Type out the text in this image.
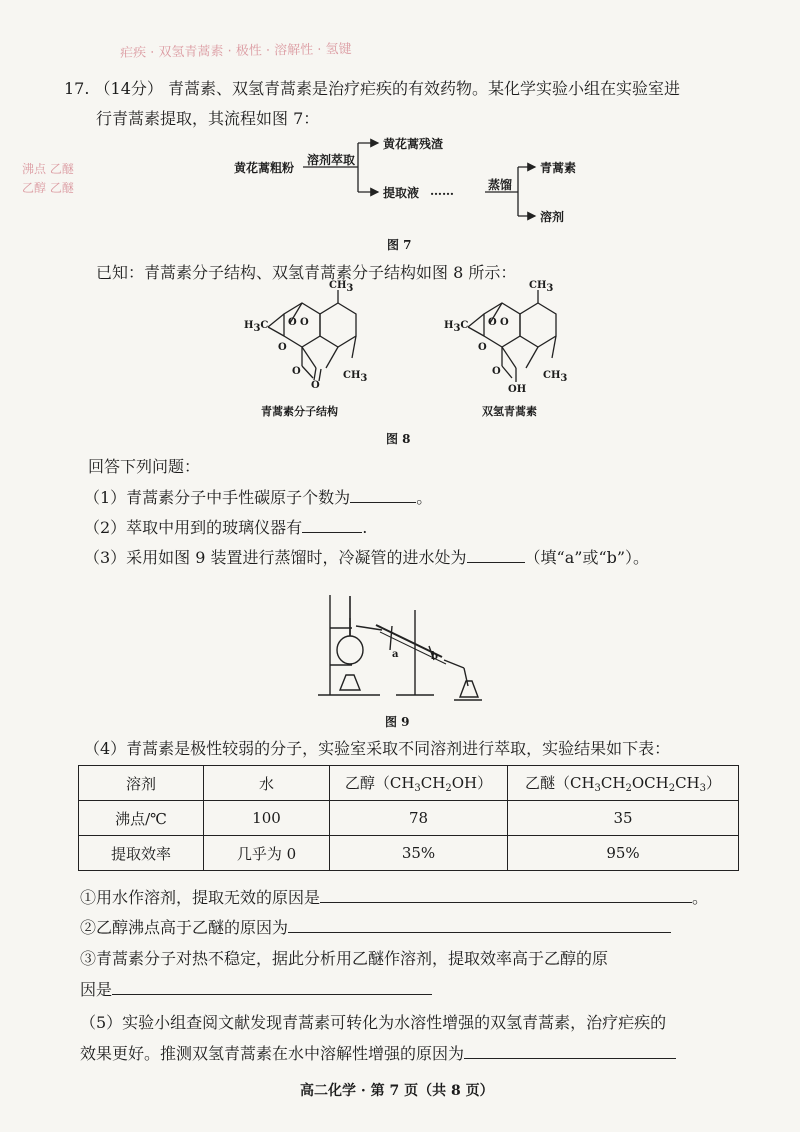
疟疾 · 双氢青蒿素 · 极性 · 溶解性 · 氢键
沸点 乙醚 乙醇 乙醚
17. （14分） 青蒿素、双氢青蒿素是治疗疟疾的有效药物。某化学实验小组在实验室进
行青蒿素提取，其流程如图 7：
黄花蒿粗粉
溶剂萃取
黄花蒿残渣
提取液 ……	蒸馏
青蒿素
溶剂
图 7
已知：青蒿素分子结构、双氢青蒿素分子结构如图 8 所示：
CH3
H3C O O
O
CH3
O
O
青蒿素分子结构
CH3
H3C O O
O
CH3
O
OH
双氢青蒿素
图 8
回答下列问题：
（1）青蒿素分子中手性碳原子个数为	。
（2）萃取中用到的玻璃仪器有	.
（3）采用如图 9 装置进行蒸馏时，冷凝管的进水处为	（填“a”或“b”）。
a	b
图 9
（4）青蒿素是极性较弱的分子，实验室采取不同溶剂进行萃取，实验结果如下表：
溶剂	水	乙醇$(CH_3CH_2OH)$	乙醚$(CH_3CH_2OCH_2CH_3)$
沸点/℃	100	78	35
提取效率	几乎为 0	35%	95%
①用水作溶剂，提取无效的原因是	。
②乙醇沸点高于乙醚的原因为
③青蒿素分子对热不稳定，据此分析用乙醚作溶剂，提取效率高于乙醇的原
因是
（5）实验小组查阅文献发现青蒿素可转化为水溶性增强的双氢青蒿素，治疗疟疾的
效果更好。推测双氢青蒿素在水中溶解性增强的原因为
高二化学 · 第 7 页（共 8 页）
